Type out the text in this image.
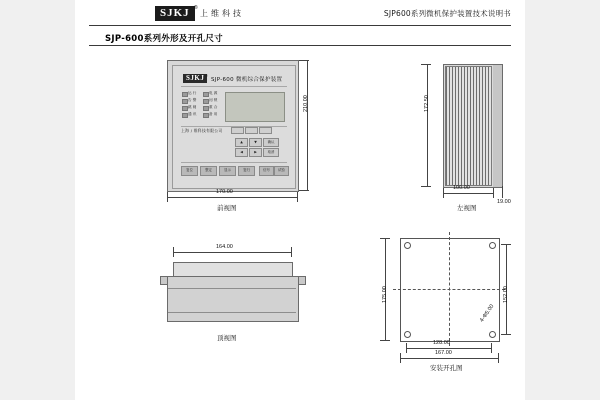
SJKJ ®
上维科技	SJP600系列微机保护装置技术说明书
SJP-600系列外形及开孔尺寸
SJKJ ®
SJP-600 微机综合保护装置
运 行
告 警
跳 闸
通 讯
电 源
闭 锁
重 合
备 用
上海 / 维科技有限公司
▲	▼	确认
◀	▶	取消
复位	整定	显示	复归	信号	试验
210.00
170.00
前视图
172.50
100.00
19.00
左视图
164.00
顶视图
175.00	152.00
128.00
167.00
4-Φ5.00
安装开孔图
